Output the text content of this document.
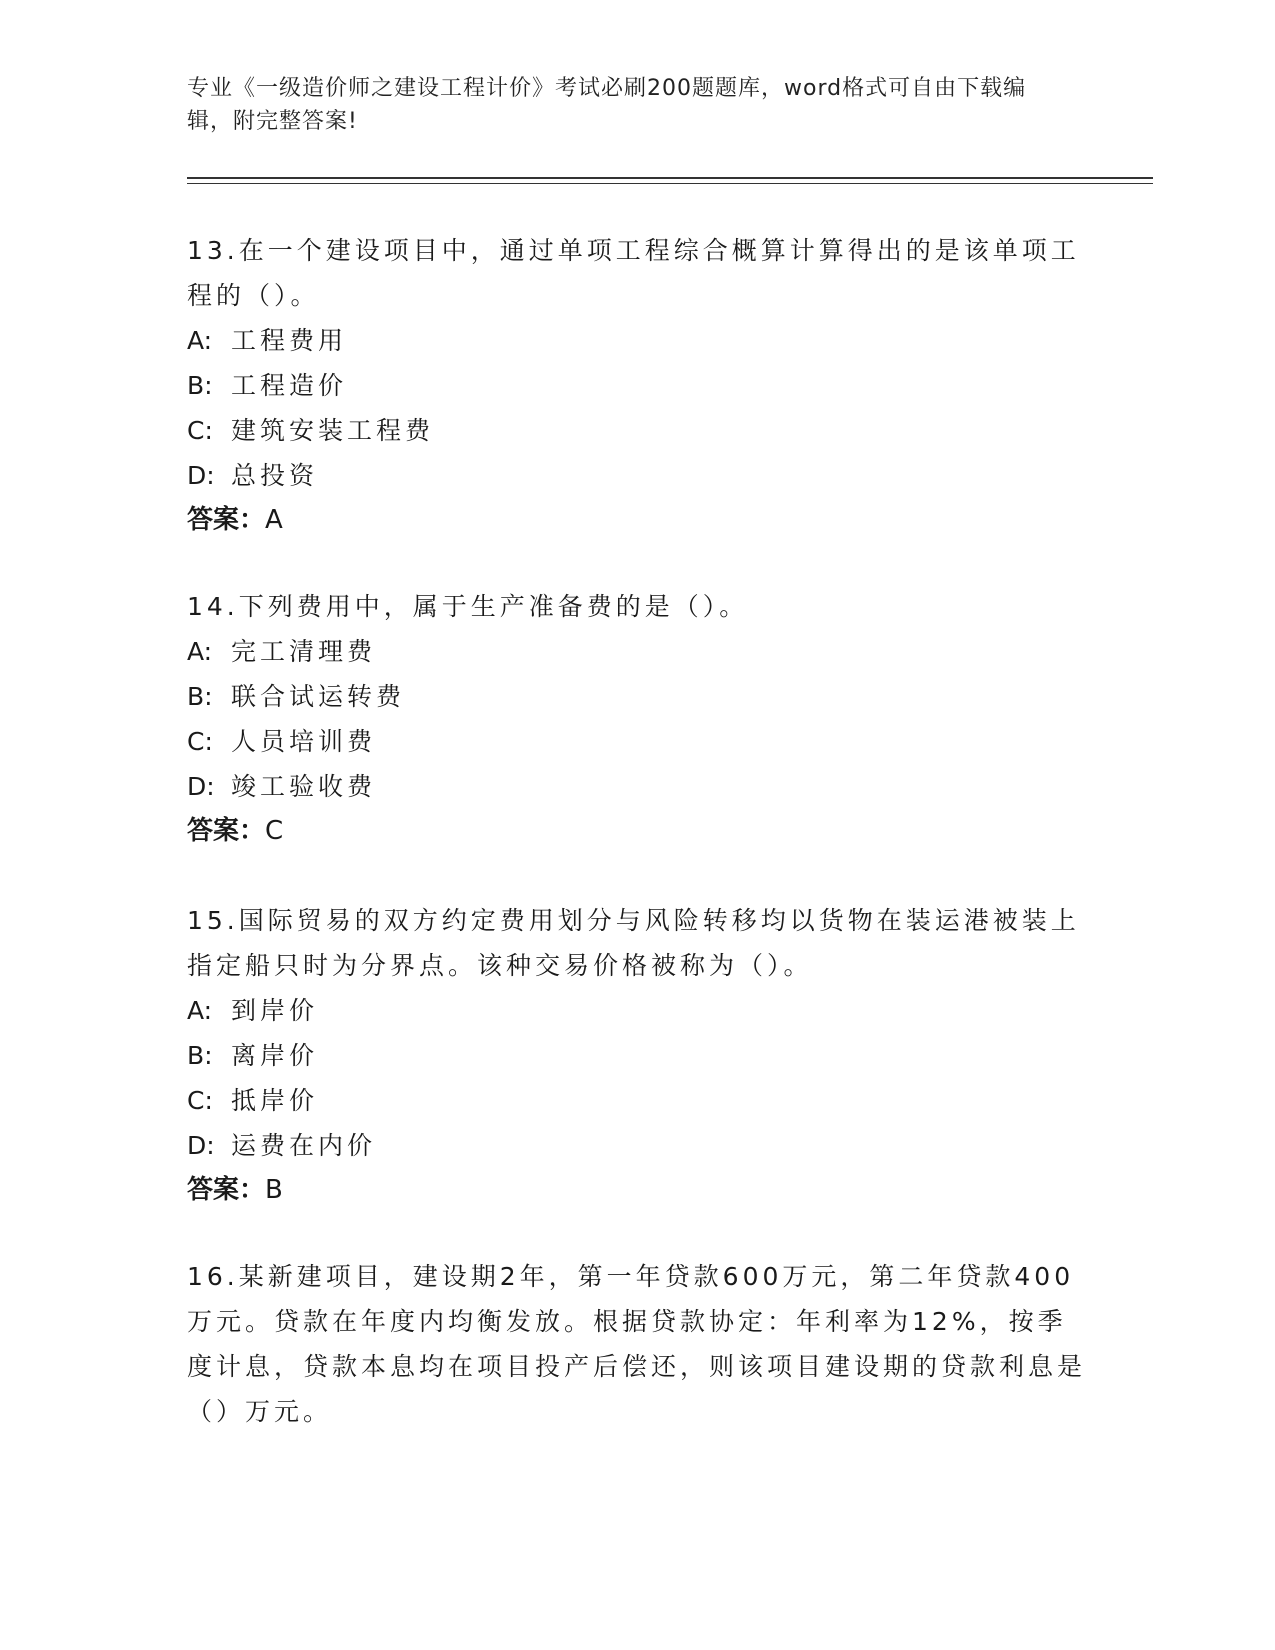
专业《一级造价师之建设工程计价》考试必刷200题题库，word格式可自由下载编辑，附完整答案!

13.在一个建设项目中，通过单项工程综合概算计算得出的是该单项工程的（）。

A: 工程费用

B: 工程造价

C: 建筑安装工程费

D: 总投资

答案：A

14.下列费用中，属于生产准备费的是（）。

A: 完工清理费

B: 联合试运转费

C: 人员培训费

D: 竣工验收费

答案：C

15.国际贸易的双方约定费用划分与风险转移均以货物在装运港被装上指定船只时为分界点。该种交易价格被称为（）。

A: 到岸价

B: 离岸价

C: 抵岸价

D: 运费在内价

答案：B

16.某新建项目，建设期2年，第一年贷款600万元，第二年贷款400万元。贷款在年度内均衡发放。根据贷款协定：年利率为12%，按季度计息，贷款本息均在项目投产后偿还，则该项目建设期的贷款利息是（）万元。
